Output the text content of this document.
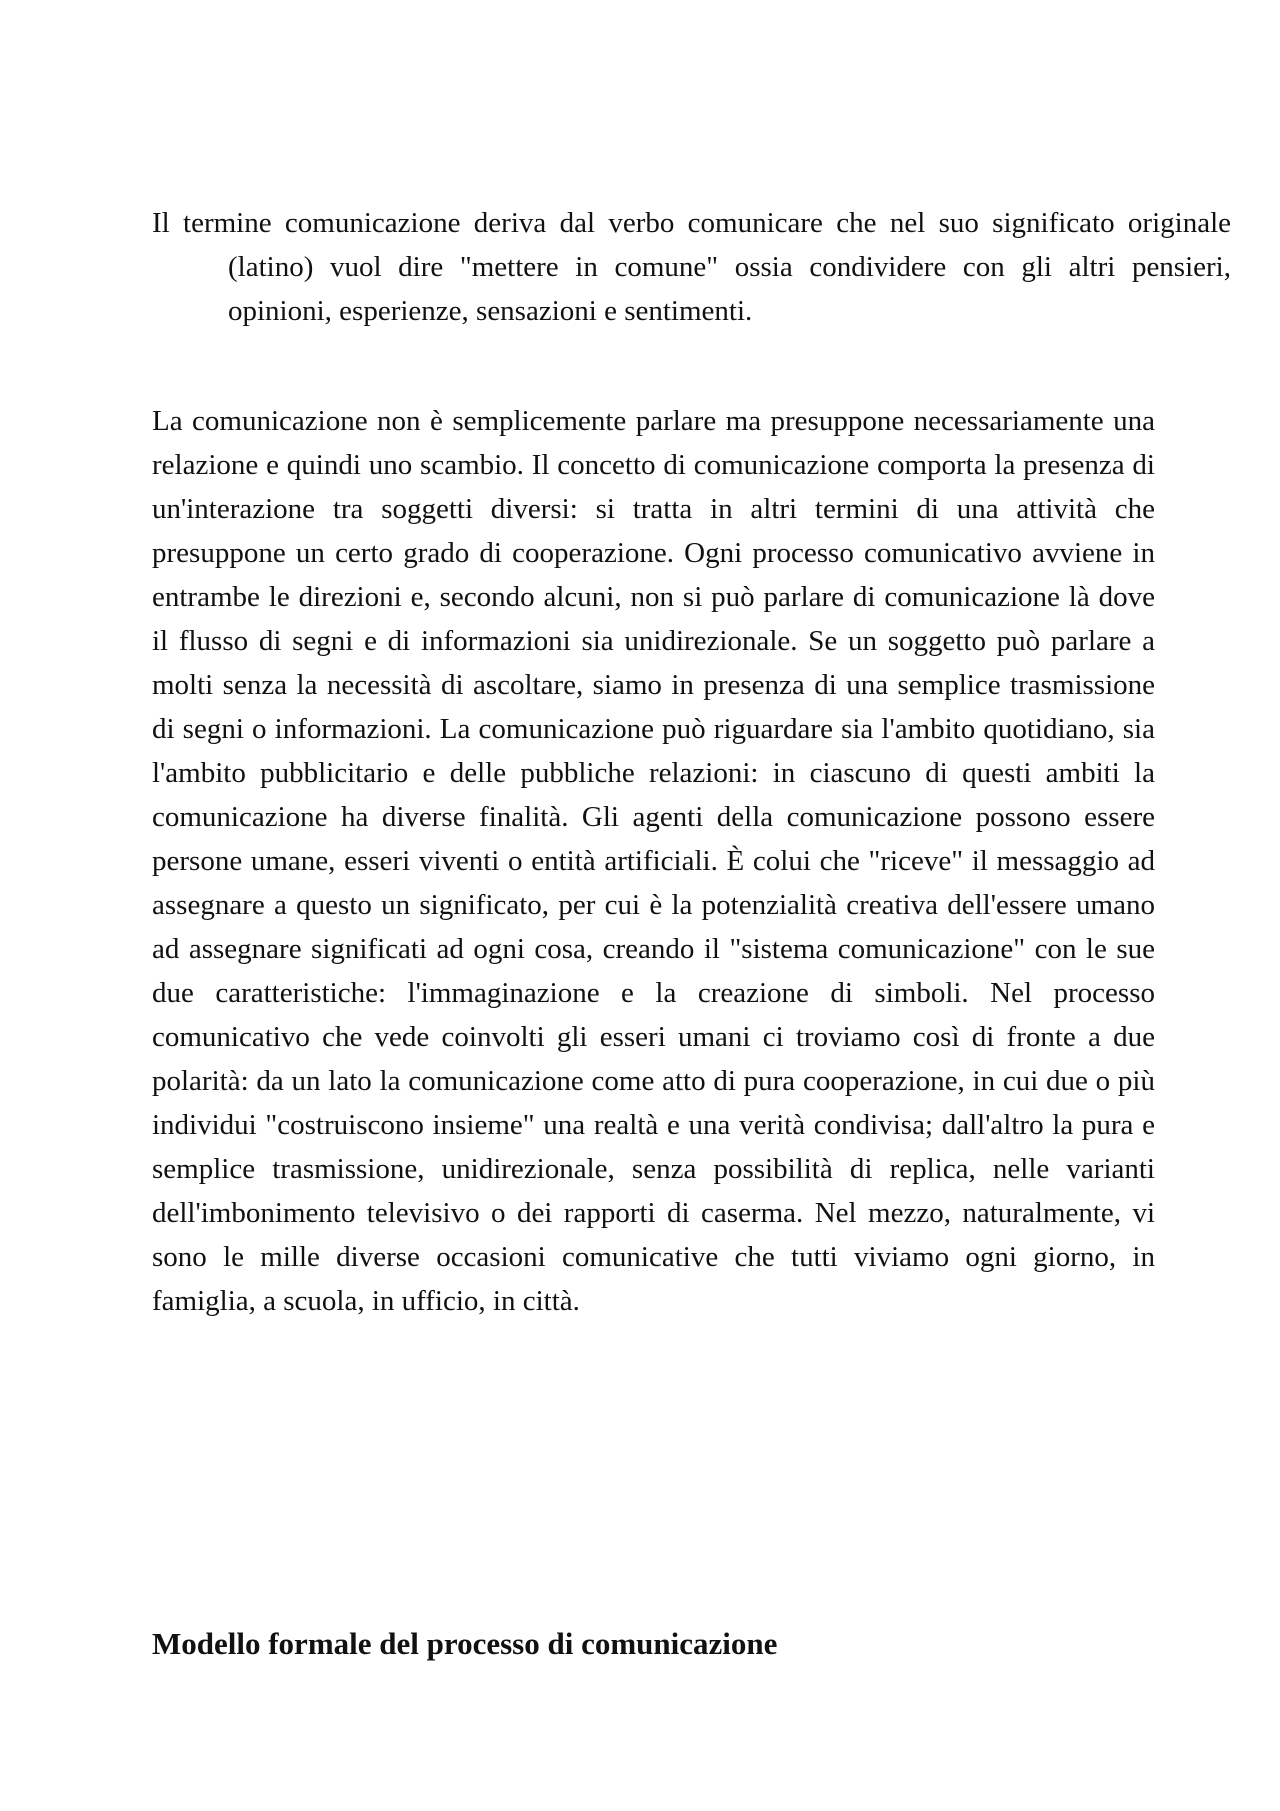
Il termine comunicazione deriva dal verbo comunicare che nel suo significato originale (latino) vuol dire "mettere in comune" ossia condividere con gli altri pensieri, opinioni, esperienze, sensazioni e sentimenti.

La comunicazione non è semplicemente parlare ma presuppone necessariamente una relazione e quindi uno scambio. Il concetto di comunicazione comporta la presenza di un'interazione tra soggetti diversi: si tratta in altri termini di una attività che presuppone un certo grado di cooperazione. Ogni processo comunicativo avviene in entrambe le direzioni e, secondo alcuni, non si può parlare di comunicazione là dove il flusso di segni e di informazioni sia unidirezionale. Se un soggetto può parlare a molti senza la necessità di ascoltare, siamo in presenza di una semplice trasmissione di segni o informazioni. La comunicazione può riguardare sia l'ambito quotidiano, sia l'ambito pubblicitario e delle pubbliche relazioni: in ciascuno di questi ambiti la comunicazione ha diverse finalità. Gli agenti della comunicazione possono essere persone umane, esseri viventi o entità artificiali. È colui che "riceve" il messaggio ad assegnare a questo un significato, per cui è la potenzialità creativa dell'essere umano ad assegnare significati ad ogni cosa, creando il "sistema comunicazione" con le sue due caratteristiche: l'immaginazione e la creazione di simboli. Nel processo comunicativo che vede coinvolti gli esseri umani ci troviamo così di fronte a due polarità: da un lato la comunicazione come atto di pura cooperazione, in cui due o più individui "costruiscono insieme" una realtà e una verità condivisa; dall'altro la pura e semplice trasmissione, unidirezionale, senza possibilità di replica, nelle varianti dell'imbonimento televisivo o dei rapporti di caserma. Nel mezzo, naturalmente, vi sono le mille diverse occasioni comunicative che tutti viviamo ogni giorno, in famiglia, a scuola, in ufficio, in città.

Modello formale del processo di comunicazione
